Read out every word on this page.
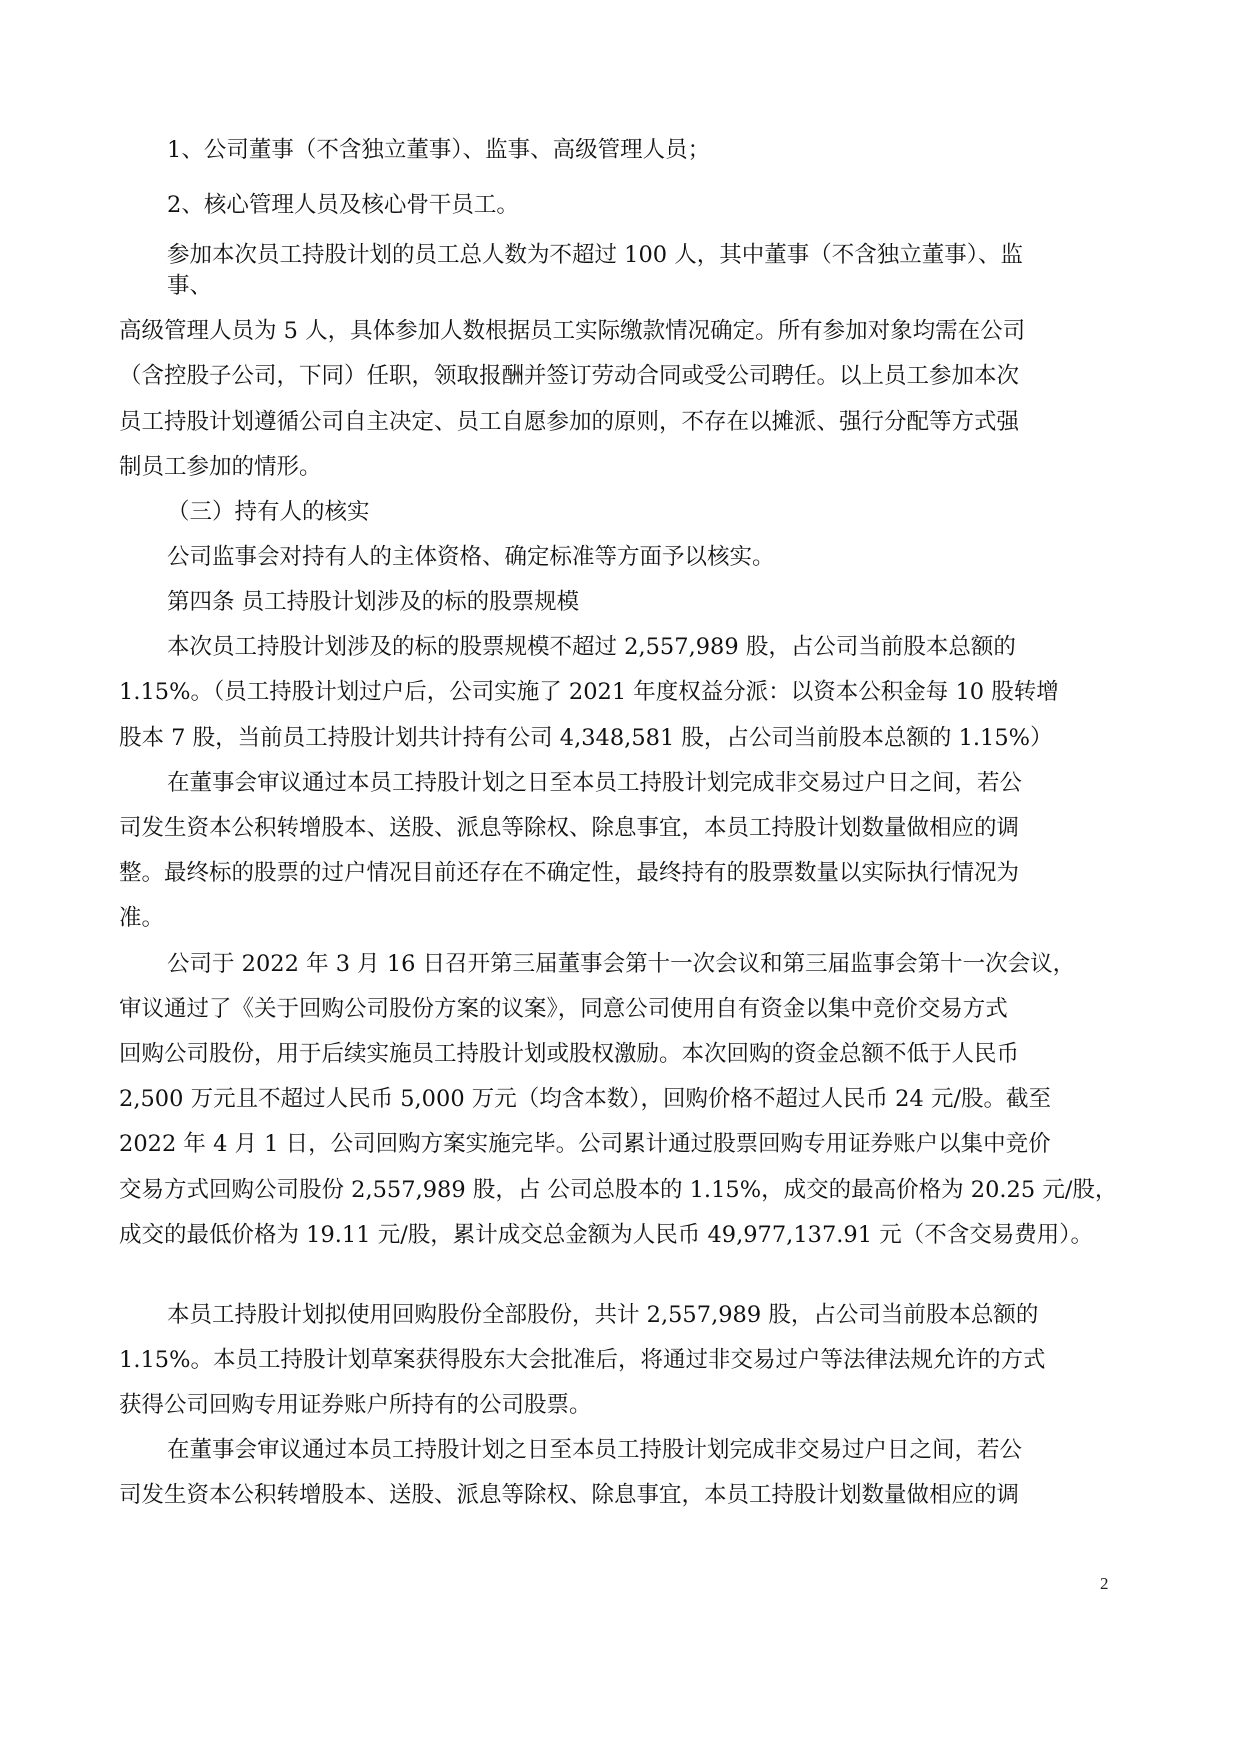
1、公司董事（不含独立董事）、监事、高级管理人员；

2、核心管理人员及核心骨干员工。

参加本次员工持股计划的员工总人数为不超过 100 人，其中董事（不含独立董事）、监

事、

高级管理人员为 5 人，具体参加人数根据员工实际缴款情况确定。所有参加对象均需在公司

（含控股子公司，下同）任职，领取报酬并签订劳动合同或受公司聘任。以上员工参加本次

员工持股计划遵循公司自主决定、员工自愿参加的原则，不存在以摊派、强行分配等方式强

制员工参加的情形。

（三）持有人的核实

公司监事会对持有人的主体资格、确定标准等方面予以核实。

第四条 员工持股计划涉及的标的股票规模

本次员工持股计划涉及的标的股票规模不超过 2,557,989 股，占公司当前股本总额的

1.15%。（员工持股计划过户后，公司实施了 2021 年度权益分派：以资本公积金每 10 股转增

股本 7 股，当前员工持股计划共计持有公司 4,348,581 股，占公司当前股本总额的 1.15%）

在董事会审议通过本员工持股计划之日至本员工持股计划完成非交易过户日之间，若公

司发生资本公积转增股本、送股、派息等除权、除息事宜，本员工持股计划数量做相应的调

整。最终标的股票的过户情况目前还存在不确定性，最终持有的股票数量以实际执行情况为

准。

公司于 2022 年 3 月 16 日召开第三届董事会第十一次会议和第三届监事会第十一次会议，

审议通过了《关于回购公司股份方案的议案》，同意公司使用自有资金以集中竞价交易方式

回购公司股份，用于后续实施员工持股计划或股权激励。本次回购的资金总额不低于人民币

2,500 万元且不超过人民币 5,000 万元（均含本数），回购价格不超过人民币 24 元/股。截至

2022 年 4 月 1 日，公司回购方案实施完毕。公司累计通过股票回购专用证券账户以集中竞价

交易方式回购公司股份 2,557,989 股，占 公司总股本的 1.15%，成交的最高价格为 20.25 元/股，

成交的最低价格为 19.11 元/股，累计成交总金额为人民币 49,977,137.91 元（不含交易费用）。

本员工持股计划拟使用回购股份全部股份，共计 2,557,989 股，占公司当前股本总额的

1.15%。本员工持股计划草案获得股东大会批准后，将通过非交易过户等法律法规允许的方式

获得公司回购专用证券账户所持有的公司股票。

在董事会审议通过本员工持股计划之日至本员工持股计划完成非交易过户日之间，若公

司发生资本公积转增股本、送股、派息等除权、除息事宜，本员工持股计划数量做相应的调

2
